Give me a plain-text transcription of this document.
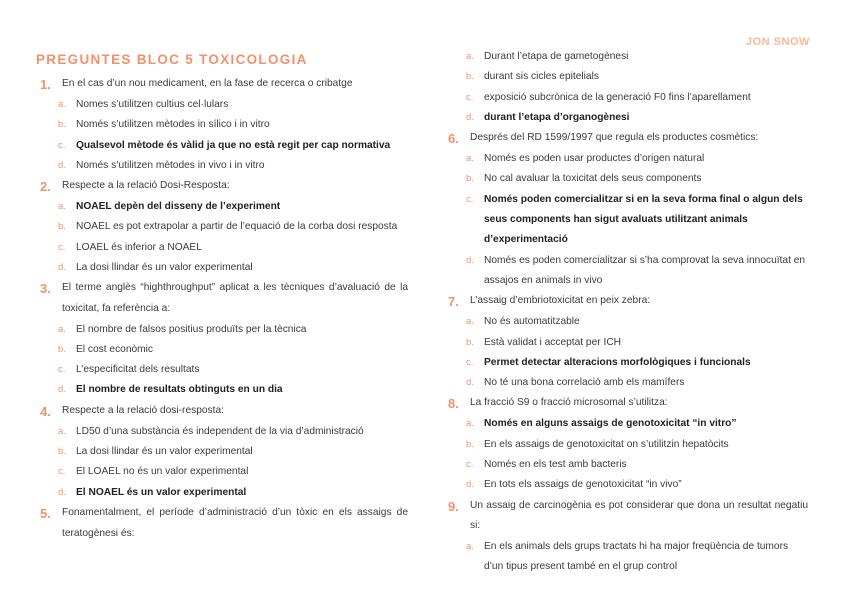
JON SNOW
PREGUNTES BLOC 5 TOXICOLOGIA
1.	En el cas d’un nou medicament, en la fase de recerca o cribatge
a. Nomes s’utilitzen cultius cel·lulars
b. Només s’utilitzen mètodes in sílico i in vitro
c.	Qualsevol mètode és vàlid ja que no està regit per cap normativa
d. Només s’utilitzen mètodes in vivo i in vitro
2.	Respecte a la relació Dosi-Resposta:
a. NOAEL depèn del disseny de l’experiment
b. NOAEL es pot extrapolar a partir de l’equació de la corba dosi resposta
c.	LOAEL és inferior a NOAEL
d. La dosi llindar és un valor experimental
3.	El terme anglès “highthroughput” aplicat a les tècniques d’avaluació de la toxicitat, fa referència a:
a. El nombre de falsos positius produïts per la tècnica
b. El cost econòmic
c.	L’especificitat dels resultats
d. El nombre de resultats obtinguts en un dia
4.	Respecte a la relació dosi-resposta:
a. LD50 d’una substància és independent de la via d’administració
b. La dosi llindar és un valor experimental
c.	El LOAEL no és un valor experimental
d. El NOAEL és un valor experimental
5.	Fonamentalment, el període d’administració d’un tòxic en els assaigs de teratogènesi és:
a. Durant l’etapa de gametogènesi
b. durant sis cicles epitelials
c.	exposició subcrònica de la generació F0 fins l’aparellament
d. durant l’etapa d’organogènesi
6.	Després del RD 1599/1997 que regula els productes cosmètics:
a. Només es poden usar productes d’origen natural
b. No cal avaluar la toxicitat dels seus components
c.	Només poden comercialitzar si en la seva forma final o algun dels seus components han sigut avaluats utilitzant animals d’experimentació
d. Només es poden comercialitzar si s’ha comprovat la seva innocuïtat en assajos en animals in vivo
7.	L’assaig d’embriotoxicitat en peix zebra:
a. No és automatitzable
b. Està validat i acceptat per ICH
c.	Permet detectar alteracions morfològiques i funcionals
d. No té una bona correlació amb els mamífers
8.	La fracció S9 o fracció microsomal s’utilitza:
a. Només en alguns assaigs de genotoxicitat “in vitro”
b. En els assaigs de genotoxicitat on s’utilitzin hepatòcits
c.	Només en els test amb bacteris
d. En tots els assaigs de genotoxicitat “in vivo”
9.	Un assaig de carcinogènia es pot considerar que dona un resultat negatiu si:
a. En els animals dels grups tractats hi ha major freqüència de tumors d’un tipus present també en el grup control
